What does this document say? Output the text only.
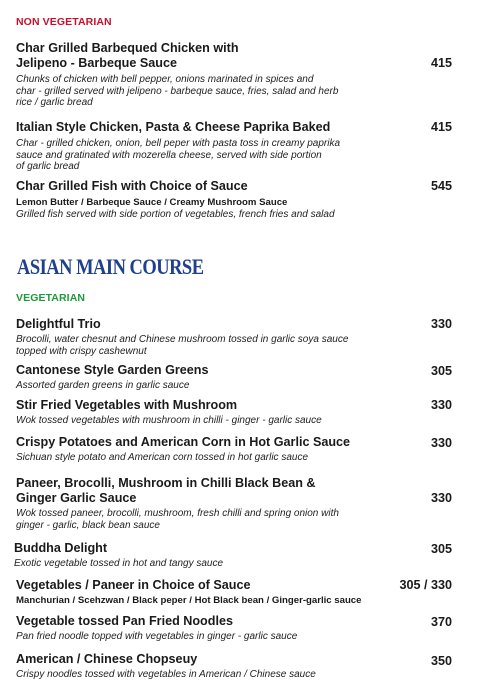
NON VEGETARIAN
ASIAN MAIN COURSE
VEGETARIAN
Char Grilled Barbequed Chicken with
Jelipeno - Barbeque Sauce
Chunks of chicken with bell pepper, onions marinated in spices and
char - grilled served with jelipeno - barbeque sauce, fries, salad and herb
rice / garlic bread
415
Italian Style Chicken, Pasta & Cheese Paprika Baked
Char - grilled chicken, onion, bell peper with pasta toss in creamy paprika
sauce and gratinated with mozerella cheese, served with side portion
of garlic bread
415
Char Grilled Fish with Choice of Sauce
Lemon Butter / Barbeque Sauce / Creamy Mushroom Sauce
Grilled fish served with side portion of vegetables, french fries and salad
545
Delightful Trio
Brocolli, water chesnut and Chinese mushroom tossed in garlic soya sauce
topped with crispy cashewnut
330
Cantonese Style Garden Greens
Assorted garden greens in garlic sauce
305
Stir Fried Vegetables with Mushroom
Wok tossed vegetables with mushroom in chilli - ginger - garlic sauce
330
Crispy Potatoes and American Corn in Hot Garlic Sauce
Sichuan style potato and American corn tossed in hot garlic sauce
330
Paneer, Brocolli, Mushroom in Chilli Black Bean &
Ginger Garlic Sauce
Wok tossed paneer, brocolli, mushroom, fresh chilli and spring onion with
ginger - garlic, black bean sauce
330
Buddha Delight
Exotic vegetable tossed in hot and tangy sauce
305
Vegetables / Paneer in Choice of Sauce
Manchurian / Scehzwan / Black peper / Hot Black bean / Ginger-garlic sauce
305 / 330
Vegetable tossed Pan Fried Noodles
Pan fried noodle topped with vegetables in ginger - garlic sauce
370
American / Chinese Chopseuy
Crispy noodles tossed with vegetables in American / Chinese sauce
350
